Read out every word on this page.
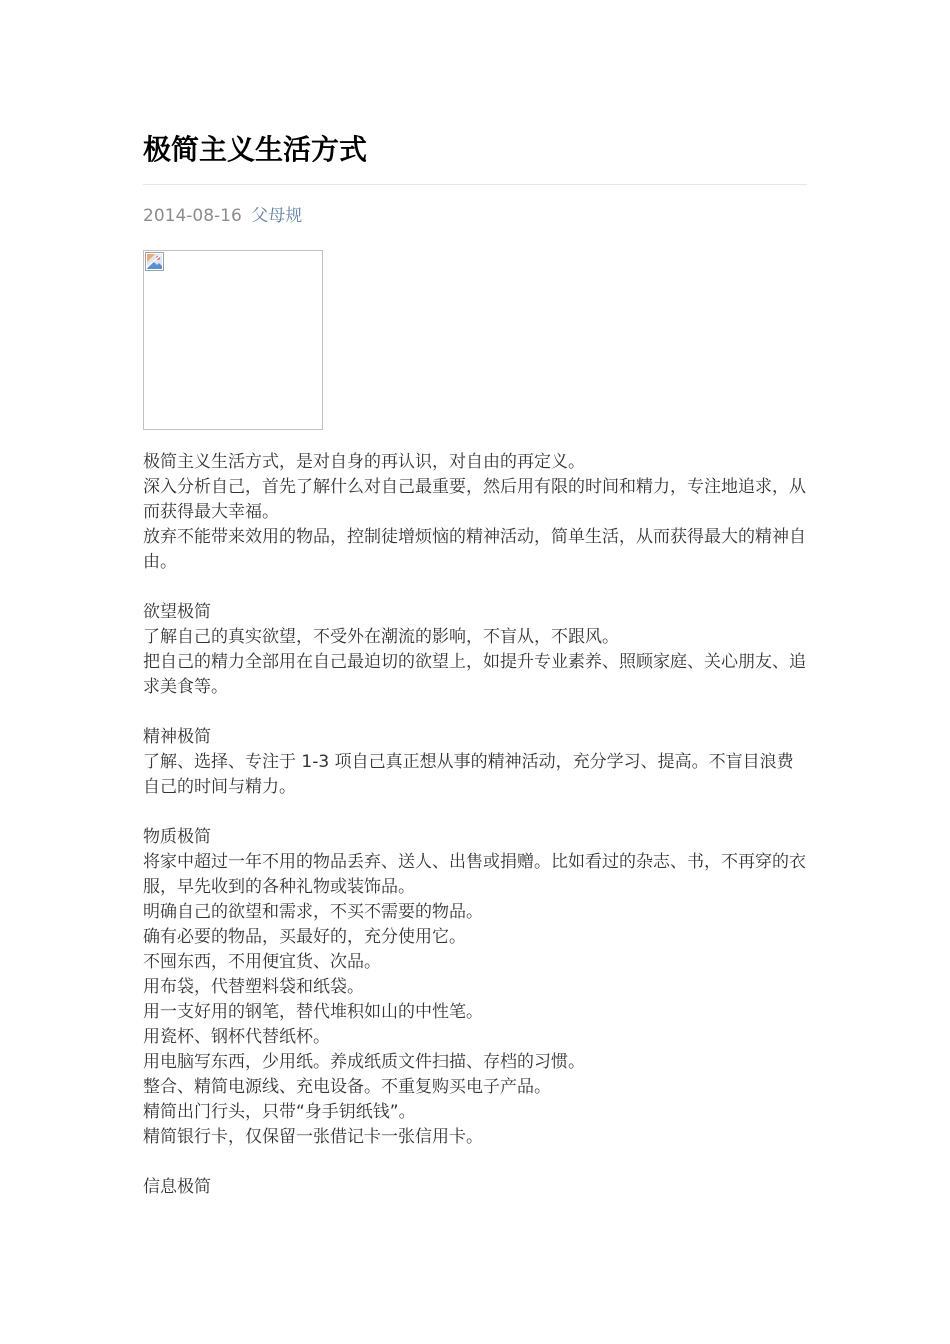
极简主义生活方式
2014-08-16 父母规

极简主义生活方式，是对自身的再认识，对自由的再定义。

深入分析自己，首先了解什么对自己最重要，然后用有限的时间和精力，专注地追求，从而获得最大幸福。

放弃不能带来效用的物品，控制徒增烦恼的精神活动，简单生活，从而获得最大的精神自由。

欲望极简

了解自己的真实欲望，不受外在潮流的影响，不盲从，不跟风。

把自己的精力全部用在自己最迫切的欲望上，如提升专业素养、照顾家庭、关心朋友、追求美食等。

精神极简

了解、选择、专注于 1-3 项自己真正想从事的精神活动，充分学习、提高。不盲目浪费自己的时间与精力。

物质极简

将家中超过一年不用的物品丢弃、送人、出售或捐赠。比如看过的杂志、书，不再穿的衣服，早先收到的各种礼物或装饰品。

明确自己的欲望和需求，不买不需要的物品。

确有必要的物品，买最好的，充分使用它。

不囤东西，不用便宜货、次品。

用布袋，代替塑料袋和纸袋。

用一支好用的钢笔，替代堆积如山的中性笔。

用瓷杯、钢杯代替纸杯。

用电脑写东西，少用纸。养成纸质文件扫描、存档的习惯。

整合、精简电源线、充电设备。不重复购买电子产品。

精简出门行头，只带“身手钥纸钱”。

精简银行卡，仅保留一张借记卡一张信用卡。

信息极简
